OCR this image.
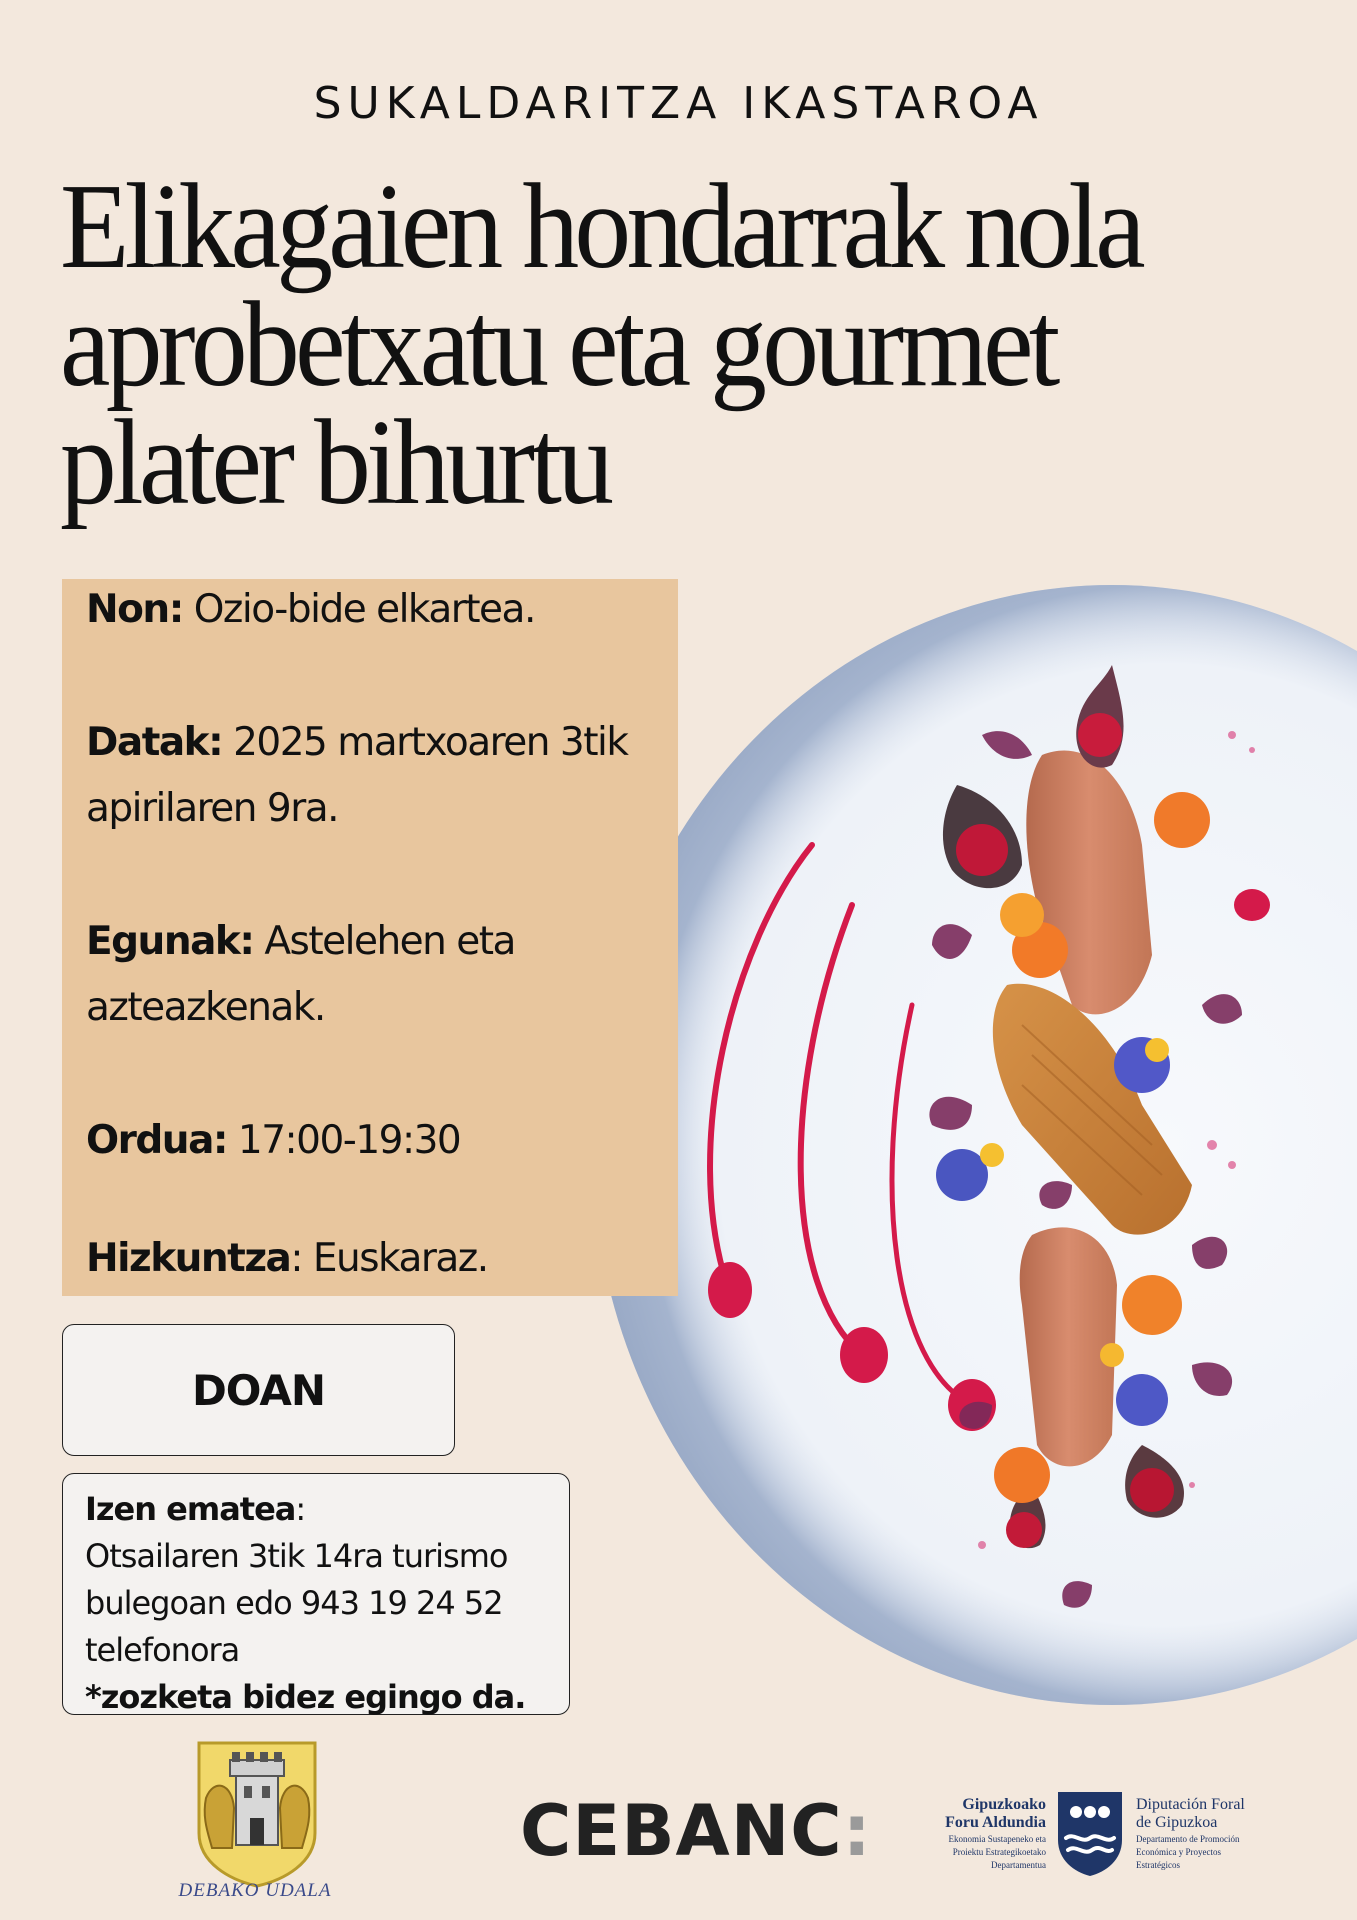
SUKALDARITZA IKASTAROA
Elikagaien hondarrak nola aprobetxatu eta gourmet plater bihurtu
Non: Ozio-bide elkartea.
Datak: 2025 martxoaren 3tik
apirilaren 9ra.
Egunak: Astelehen eta
azteazkenak.
Ordua: 17:00-19:30
Hizkuntza: Euskaraz.
DOAN
Izen ematea:
Otsailaren 3tik 14ra turismo
bulegoan edo 943 19 24 52
telefonora
*zozketa bidez egingo da.
DEBAKO UDALA
CEBANC:	Gipuzkoako
Foru Aldundia
Ekonomia Sustapeneko eta
Proiektu Estrategikoetako
Departamentua
Diputación Foral
de Gipuzkoa
Departamento de Promoción
Económica y Proyectos
Estratégicos
